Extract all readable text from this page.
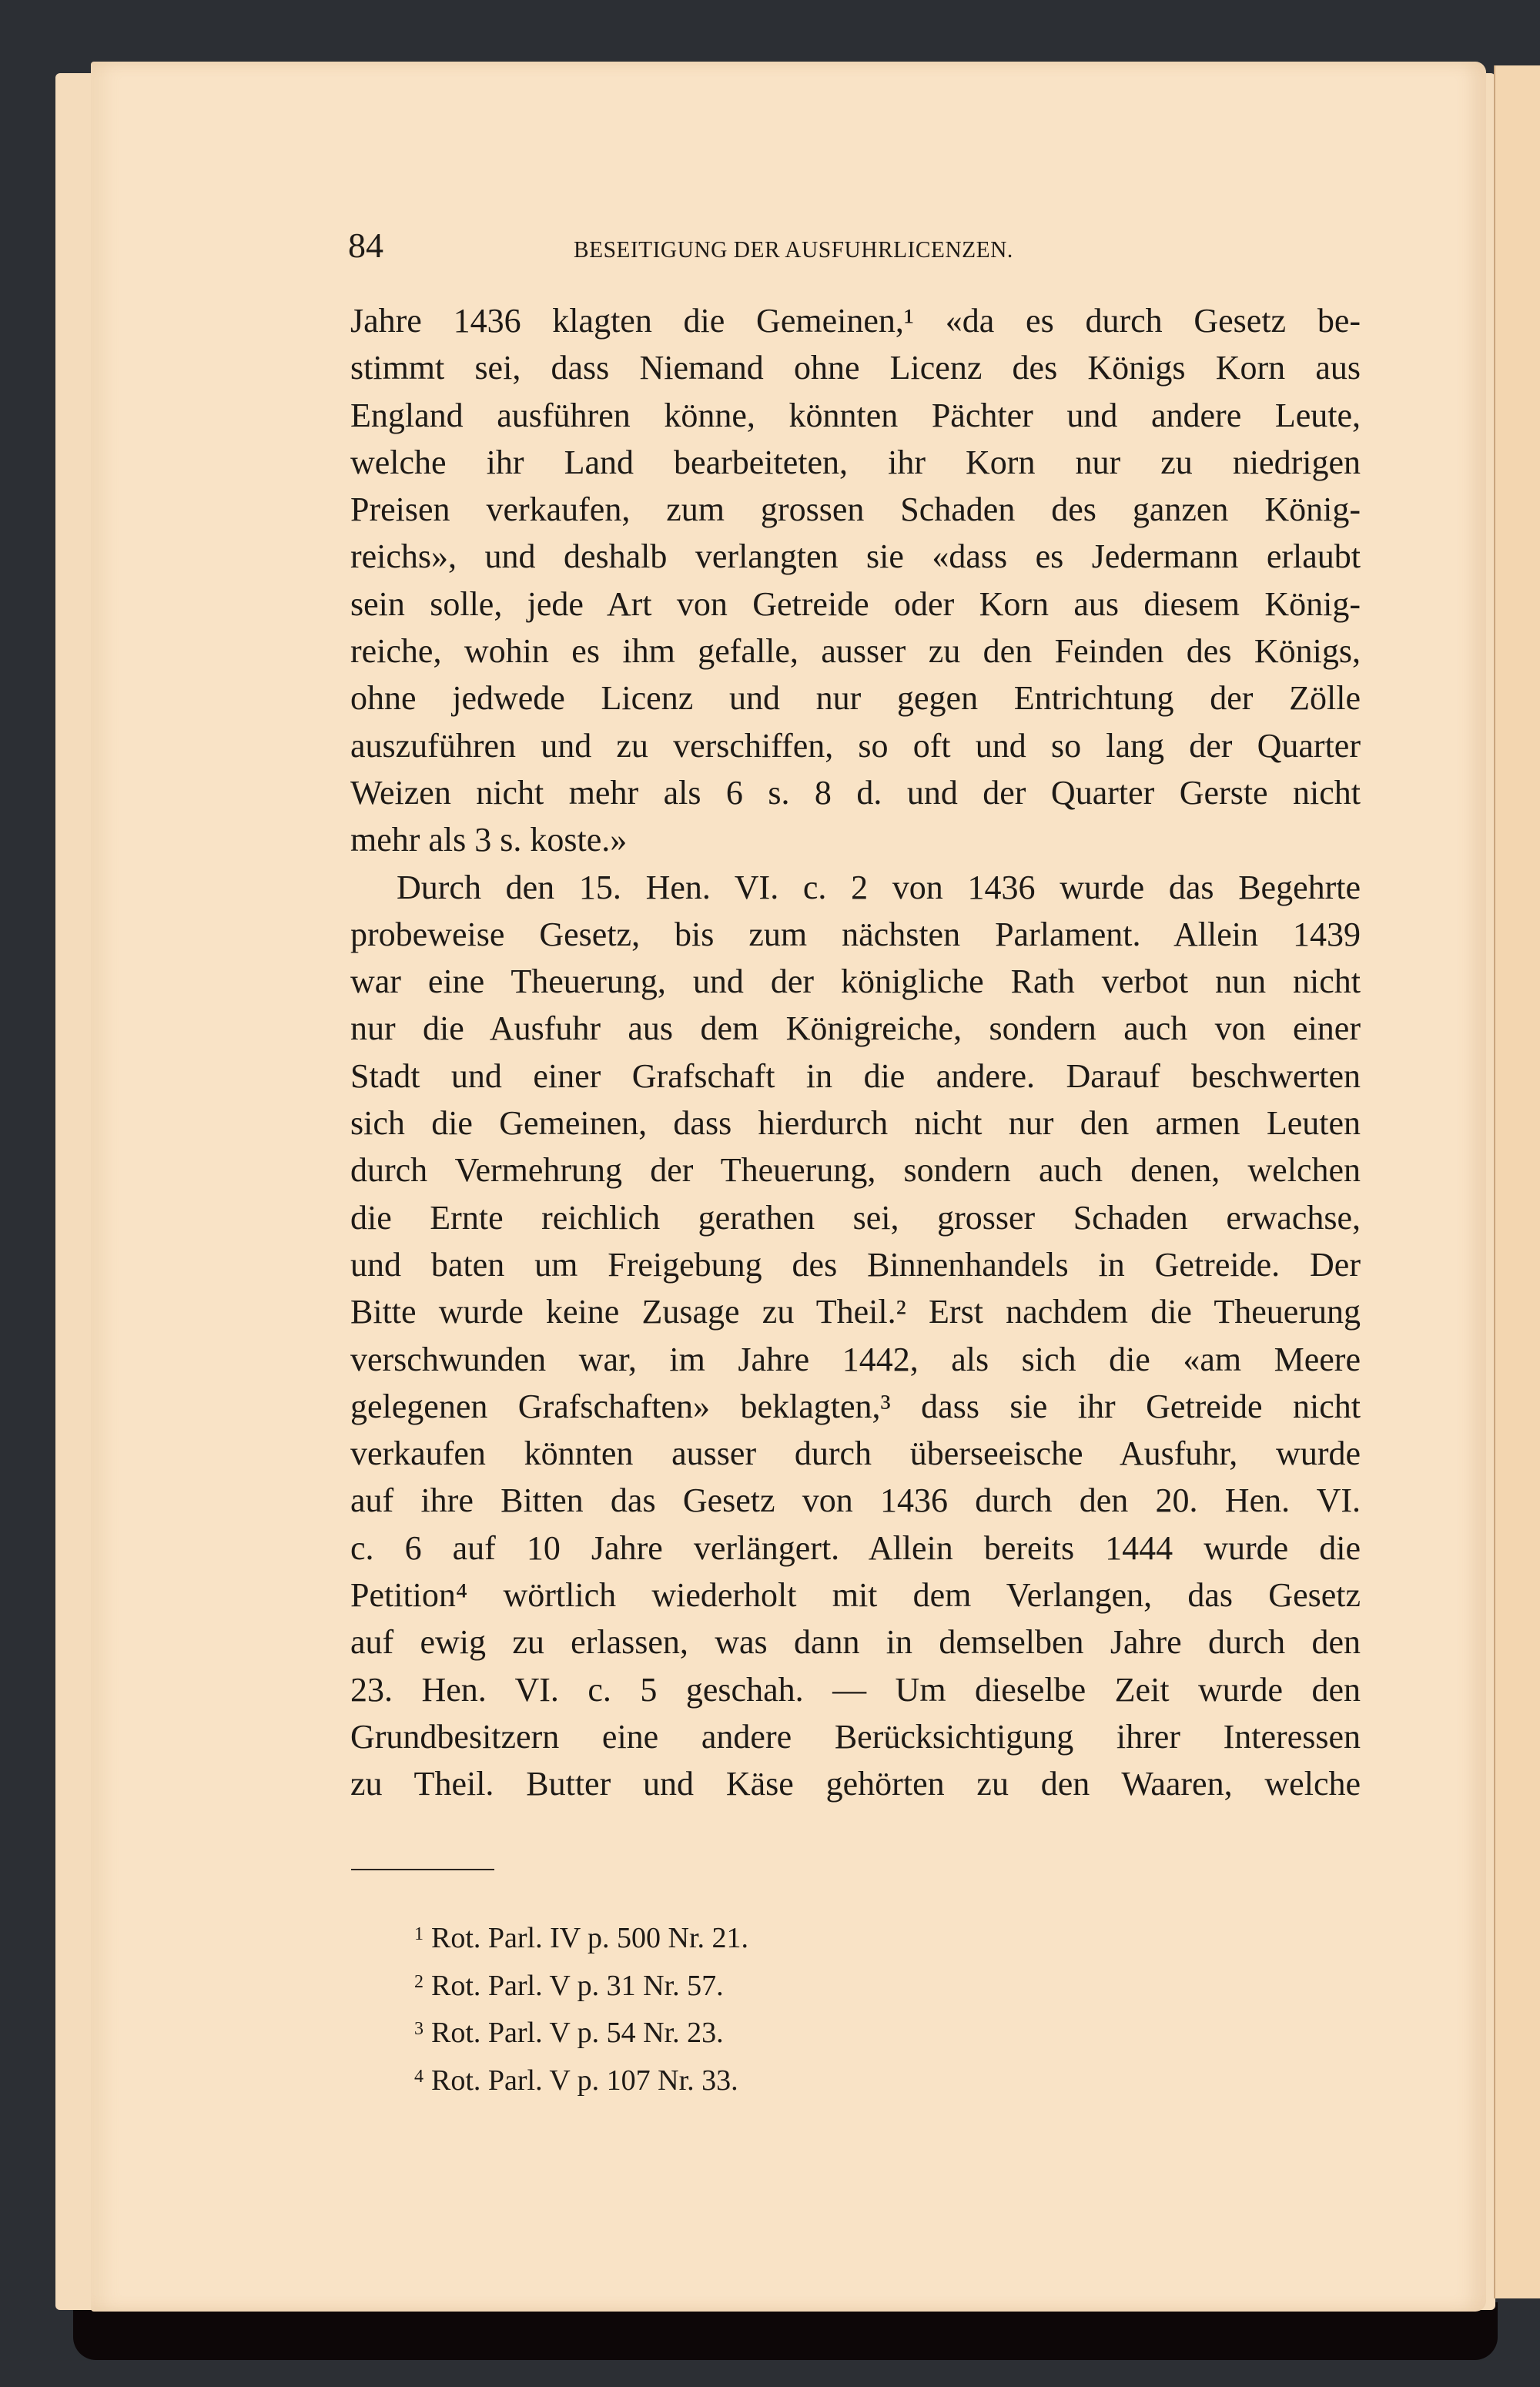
84	BESEITIGUNG DER AUSFUHRLICENZEN.
Jahre 1436 klagten die Gemeinen,¹ «da es durch Gesetz be-
stimmt sei, dass Niemand ohne Licenz des Königs Korn aus
England ausführen könne, könnten Pächter und andere Leute,
welche ihr Land bearbeiteten, ihr Korn nur zu niedrigen
Preisen verkaufen, zum grossen Schaden des ganzen König-
reichs», und deshalb verlangten sie «dass es Jedermann erlaubt
sein solle, jede Art von Getreide oder Korn aus diesem König-
reiche, wohin es ihm gefalle, ausser zu den Feinden des Königs,
ohne jedwede Licenz und nur gegen Entrichtung der Zölle
auszuführen und zu verschiffen, so oft und so lang der Quarter
Weizen nicht mehr als 6 s. 8 d. und der Quarter Gerste nicht
mehr als 3 s. koste.»
Durch den 15. Hen. VI. c. 2 von 1436 wurde das Begehrte
probeweise Gesetz, bis zum nächsten Parlament. Allein 1439
war eine Theuerung, und der königliche Rath verbot nun nicht
nur die Ausfuhr aus dem Königreiche, sondern auch von einer
Stadt und einer Grafschaft in die andere. Darauf beschwerten
sich die Gemeinen, dass hierdurch nicht nur den armen Leuten
durch Vermehrung der Theuerung, sondern auch denen, welchen
die Ernte reichlich gerathen sei, grosser Schaden erwachse,
und baten um Freigebung des Binnenhandels in Getreide. Der
Bitte wurde keine Zusage zu Theil.² Erst nachdem die Theuerung
verschwunden war, im Jahre 1442, als sich die «am Meere
gelegenen Grafschaften» beklagten,³ dass sie ihr Getreide nicht
verkaufen könnten ausser durch überseeische Ausfuhr, wurde
auf ihre Bitten das Gesetz von 1436 durch den 20. Hen. VI.
c. 6 auf 10 Jahre verlängert. Allein bereits 1444 wurde die
Petition⁴ wörtlich wiederholt mit dem Verlangen, das Gesetz
auf ewig zu erlassen, was dann in demselben Jahre durch den
23. Hen. VI. c. 5 geschah. — Um dieselbe Zeit wurde den
Grundbesitzern eine andere Berücksichtigung ihrer Interessen
zu Theil. Butter und Käse gehörten zu den Waaren, welche
$^1$ Rot. Parl. IV p. 500 Nr. 21.
$^2$ Rot. Parl. V p. 31 Nr. 57.
$^3$ Rot. Parl. V p. 54 Nr. 23.
$^4$ Rot. Parl. V p. 107 Nr. 33.
